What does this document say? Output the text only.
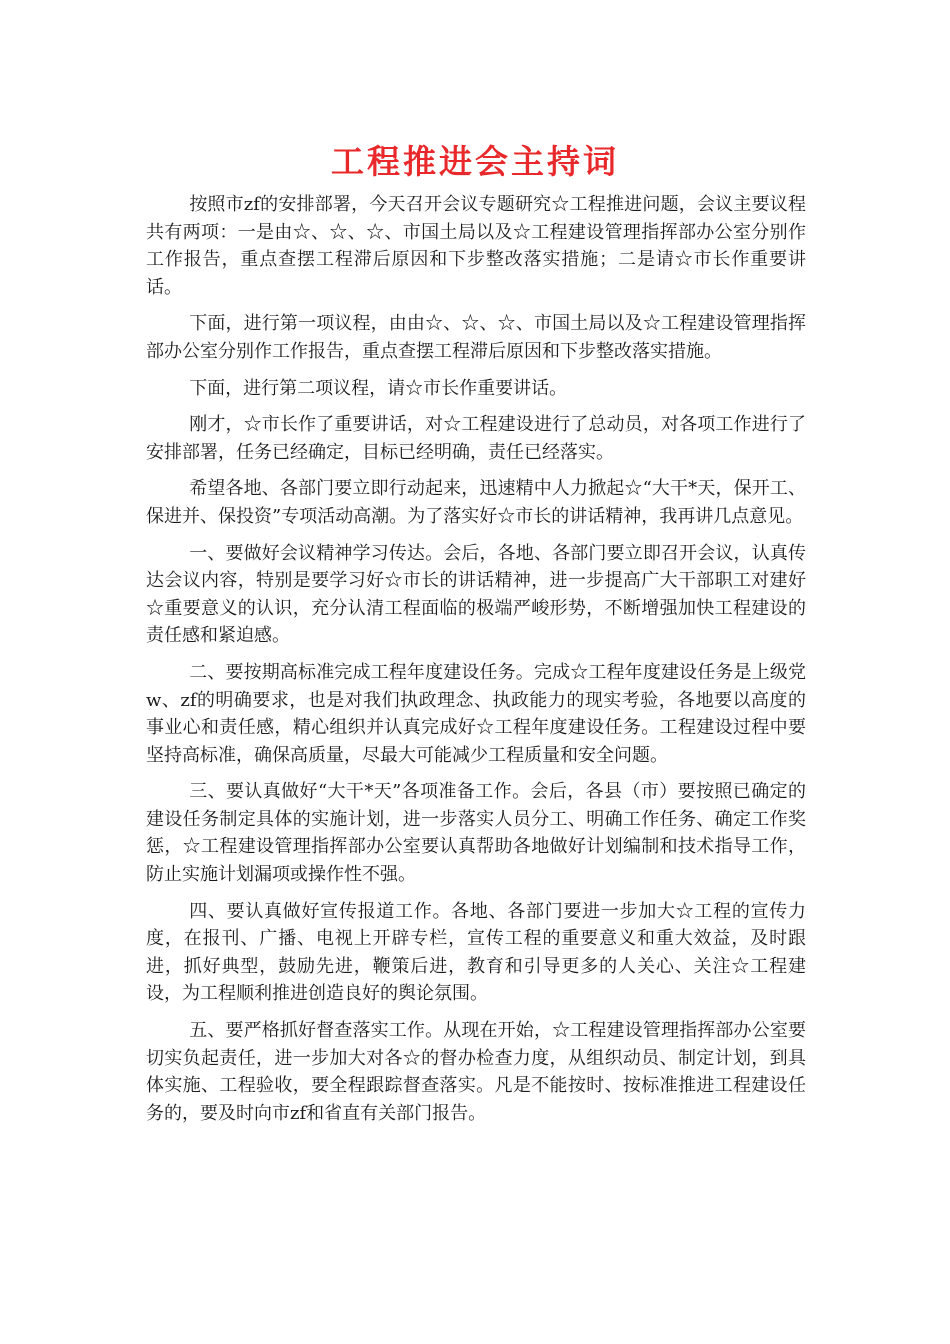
工程推进会主持词

按照市zf的安排部署，今天召开会议专题研究☆工程推进问题，会议主要议程共有两项：一是由☆、☆、☆、市国土局以及☆工程建设管理指挥部办公室分别作工作报告，重点查摆工程滞后原因和下步整改落实措施；二是请☆市长作重要讲话。

下面，进行第一项议程，由由☆、☆、☆、市国土局以及☆工程建设管理指挥部办公室分别作工作报告，重点查摆工程滞后原因和下步整改落实措施。

下面，进行第二项议程，请☆市长作重要讲话。

刚才，☆市长作了重要讲话，对☆工程建设进行了总动员，对各项工作进行了安排部署，任务已经确定，目标已经明确，责任已经落实。

希望各地、各部门要立即行动起来，迅速精中人力掀起☆“大干*天，保开工、保进并、保投资”专项活动高潮。为了落实好☆市长的讲话精神，我再讲几点意见。

一、要做好会议精神学习传达。会后，各地、各部门要立即召开会议，认真传达会议内容，特别是要学习好☆市长的讲话精神，进一步提高广大干部职工对建好☆重要意义的认识，充分认清工程面临的极端严峻形势，不断增强加快工程建设的责任感和紧迫感。

二、要按期高标准完成工程年度建设任务。完成☆工程年度建设任务是上级党w、zf的明确要求，也是对我们执政理念、执政能力的现实考验，各地要以高度的事业心和责任感，精心组织并认真完成好☆工程年度建设任务。工程建设过程中要坚持高标准，确保高质量，尽最大可能减少工程质量和安全问题。

三、要认真做好“大干*天”各项准备工作。会后，各县（市）要按照已确定的建设任务制定具体的实施计划，进一步落实人员分工、明确工作任务、确定工作奖惩，☆工程建设管理指挥部办公室要认真帮助各地做好计划编制和技术指导工作，防止实施计划漏项或操作性不强。

四、要认真做好宣传报道工作。各地、各部门要进一步加大☆工程的宣传力度，在报刊、广播、电视上开辟专栏，宣传工程的重要意义和重大效益，及时跟进，抓好典型，鼓励先进，鞭策后进，教育和引导更多的人关心、关注☆工程建设，为工程顺利推进创造良好的舆论氛围。

五、要严格抓好督查落实工作。从现在开始，☆工程建设管理指挥部办公室要切实负起责任，进一步加大对各☆的督办检查力度，从组织动员、制定计划，到具体实施、工程验收，要全程跟踪督查落实。凡是不能按时、按标准推进工程建设任务的，要及时向市zf和省直有关部门报告。
